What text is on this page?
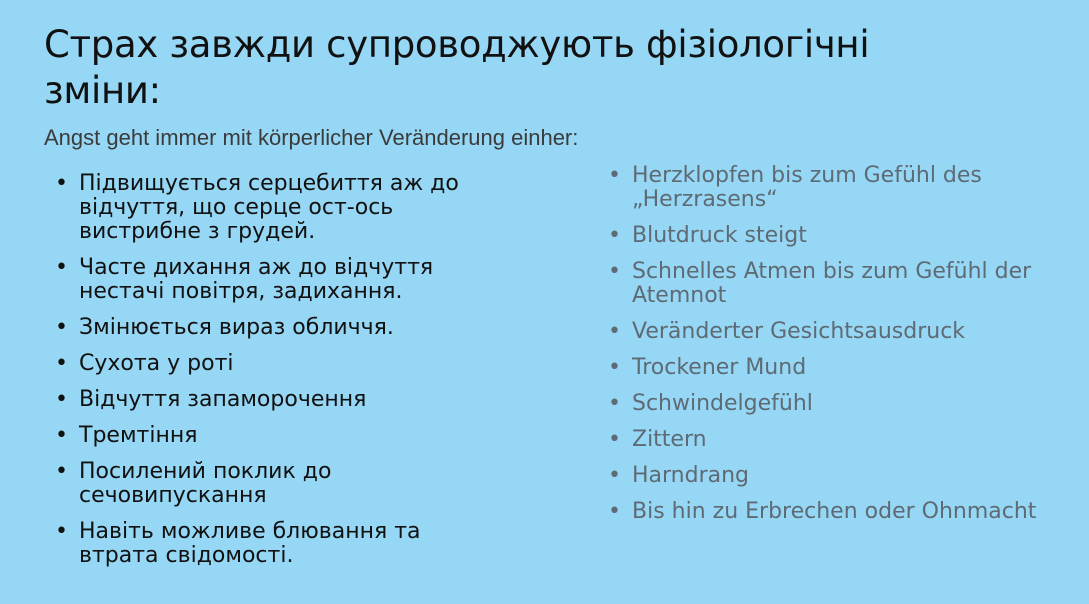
Страх завжди супроводжують фізіологічні зміни:

Angst geht immer mit körperlicher Veränderung einher:

• Підвищується серцебиття аж до відчуття, що серце ост-ось вистрибне з грудей.
• Часте дихання аж до відчуття нестачі повітря, задихання.
• Змінюється вираз обличчя.
• Сухота у роті
• Відчуття запаморочення
• Тремтіння
• Посилений поклик до сечовипускання
• Навіть можливе блювання та втрата свідомості.
• Herzklopfen bis zum Gefühl des „Herzrasens“
• Blutdruck steigt
• Schnelles Atmen bis zum Gefühl der Atemnot
• Veränderter Gesichtsausdruck
• Trockener Mund
• Schwindelgefühl
• Zittern
• Harndrang
• Bis hin zu Erbrechen oder Ohnmacht
